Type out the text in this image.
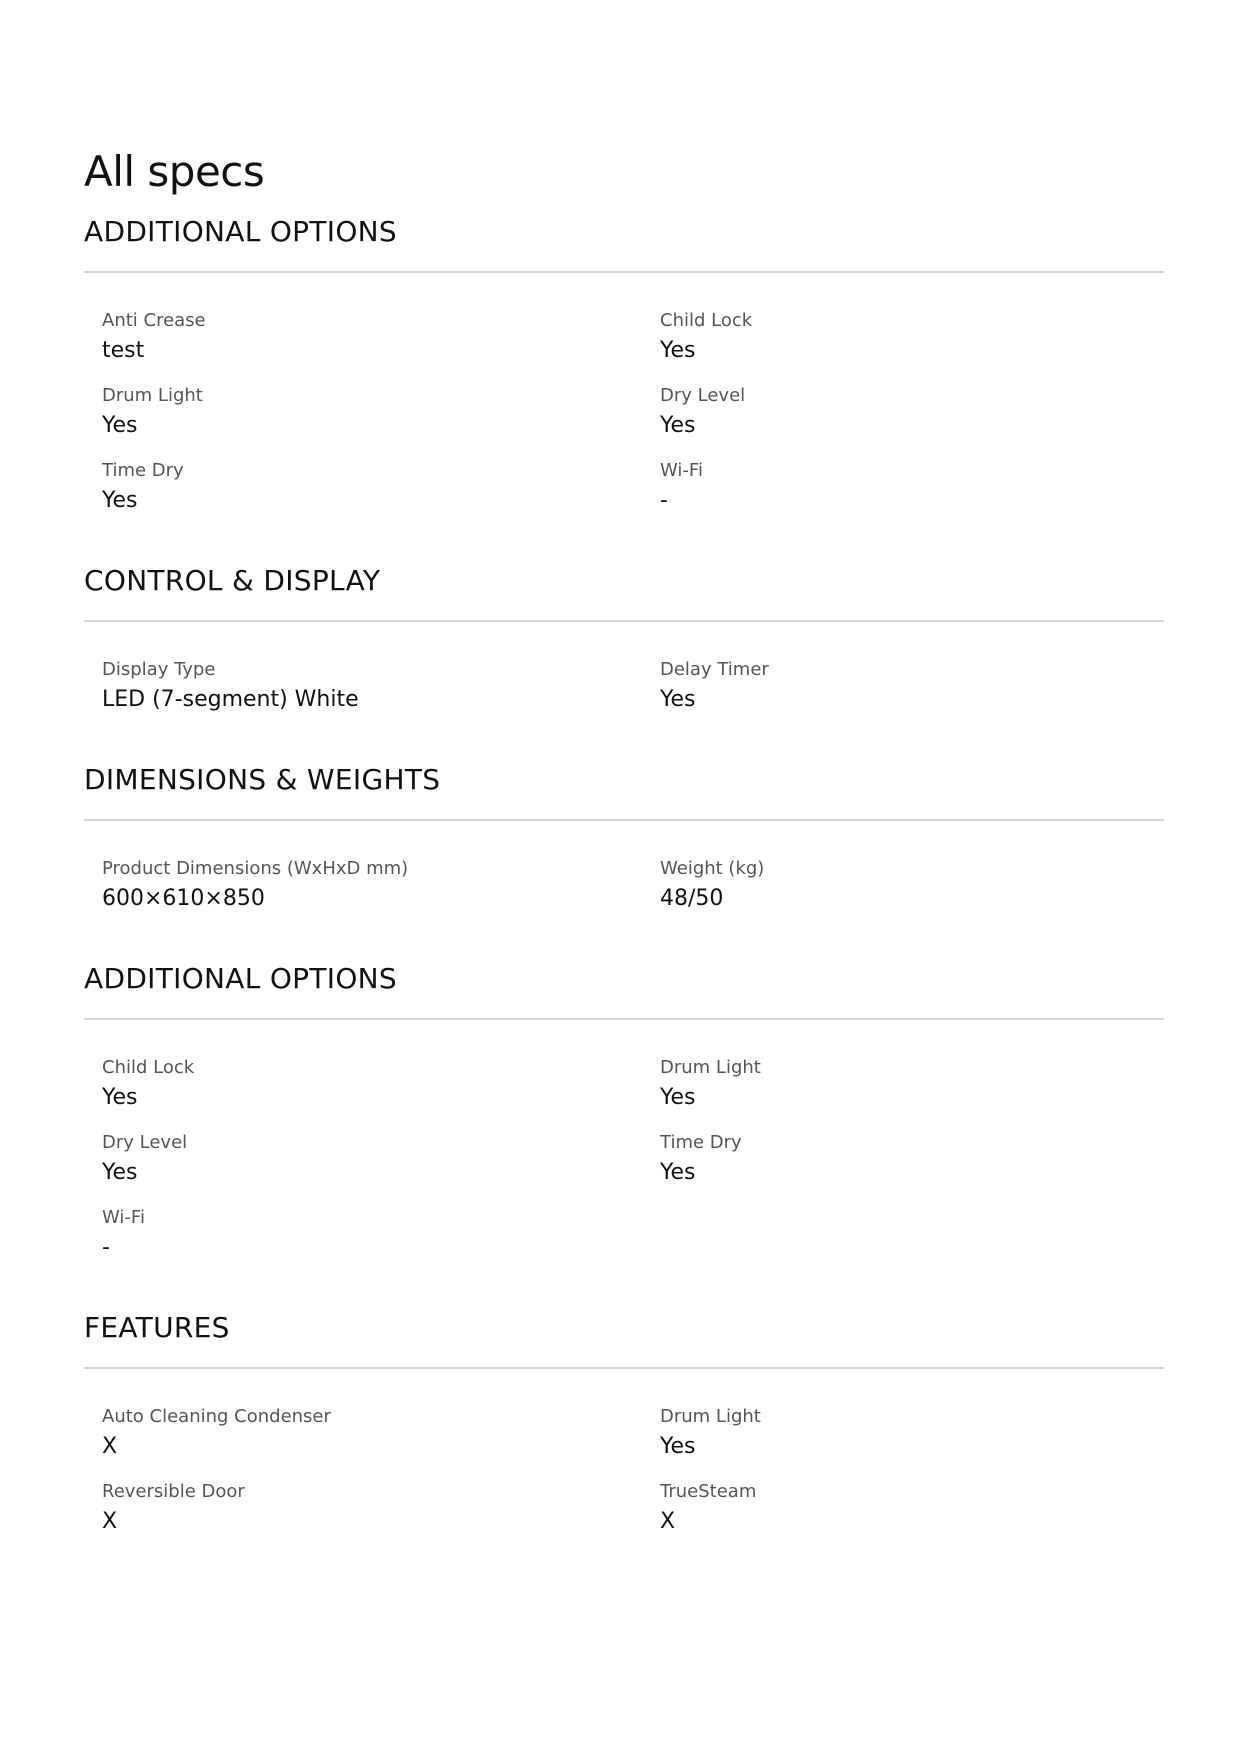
All specs
ADDITIONAL OPTIONS
Anti Crease
test
Child Lock
Yes
Drum Light
Yes
Dry Level
Yes
Time Dry
Yes
Wi-Fi
-
CONTROL & DISPLAY
Display Type
LED (7-segment) White
Delay Timer
Yes
DIMENSIONS & WEIGHTS
Product Dimensions (WxHxD mm)
600×610×850
Weight (kg)
48/50
ADDITIONAL OPTIONS
Child Lock
Yes
Drum Light
Yes
Dry Level
Yes
Time Dry
Yes
Wi-Fi
-
FEATURES
Auto Cleaning Condenser
X
Drum Light
Yes
Reversible Door
X
TrueSteam
X
